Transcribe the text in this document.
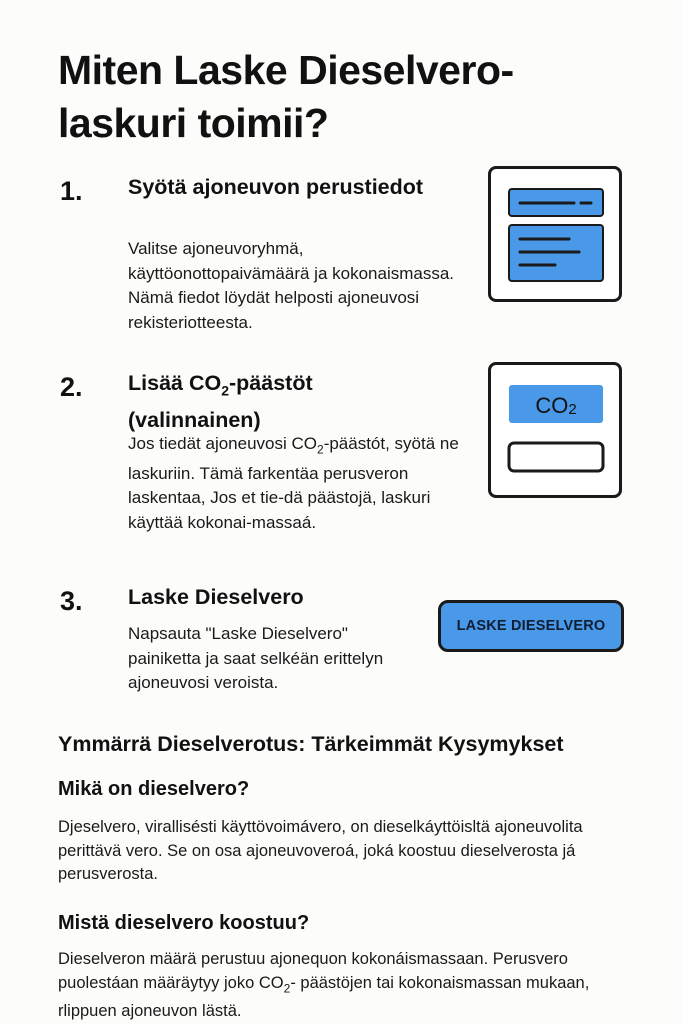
Miten Laske Dieselvero-laskuri toimii?
1. Syötä ajoneuvon perustiedot

Valitse ajoneuvoryhmä, käyttöonottopaivämäärä ja kokonaismassa. Nämä fiedot löydät helposti ajoneuvosi rekisteriotteesta.

2. Lisää $CO_2$-päästöt (valinnainen)

Jos tiedät ajoneuvosi $CO_2$-päästót, syötä ne laskuriin. Tämä farkentäa perusveron laskentaa, Jos et tie-dä päästojä, laskuri käyttää kokonai-massaá.

$CO_2$
3. Laske Dieselvero

Napsauta "Laske Dieselvero" painiketta ja saat selkéän erittelyn ajoneuvosi veroista.

LASKE DIESELVERO
Ymmärrä Dieselverotus: Tärkeimmät Kysymykset
Mikä on dieselvero?

Djeselvero, virallisésti käyttövoimávero, on dieselkáyttöisltä ajoneuvolita perittävä vero. Se on osa ajoneuvoveroá, joká koostuu dieselverosta já perusverosta.

Mistä dieselvero koostuu?

Dieselveron määrä perustuu ajonequon kokonáismassaan. Perusvero puolestáan määräytyy joko $CO_2-$ päästöjen tai kokonaismassan mukaan, rlippuen ajoneuvon lästä.
